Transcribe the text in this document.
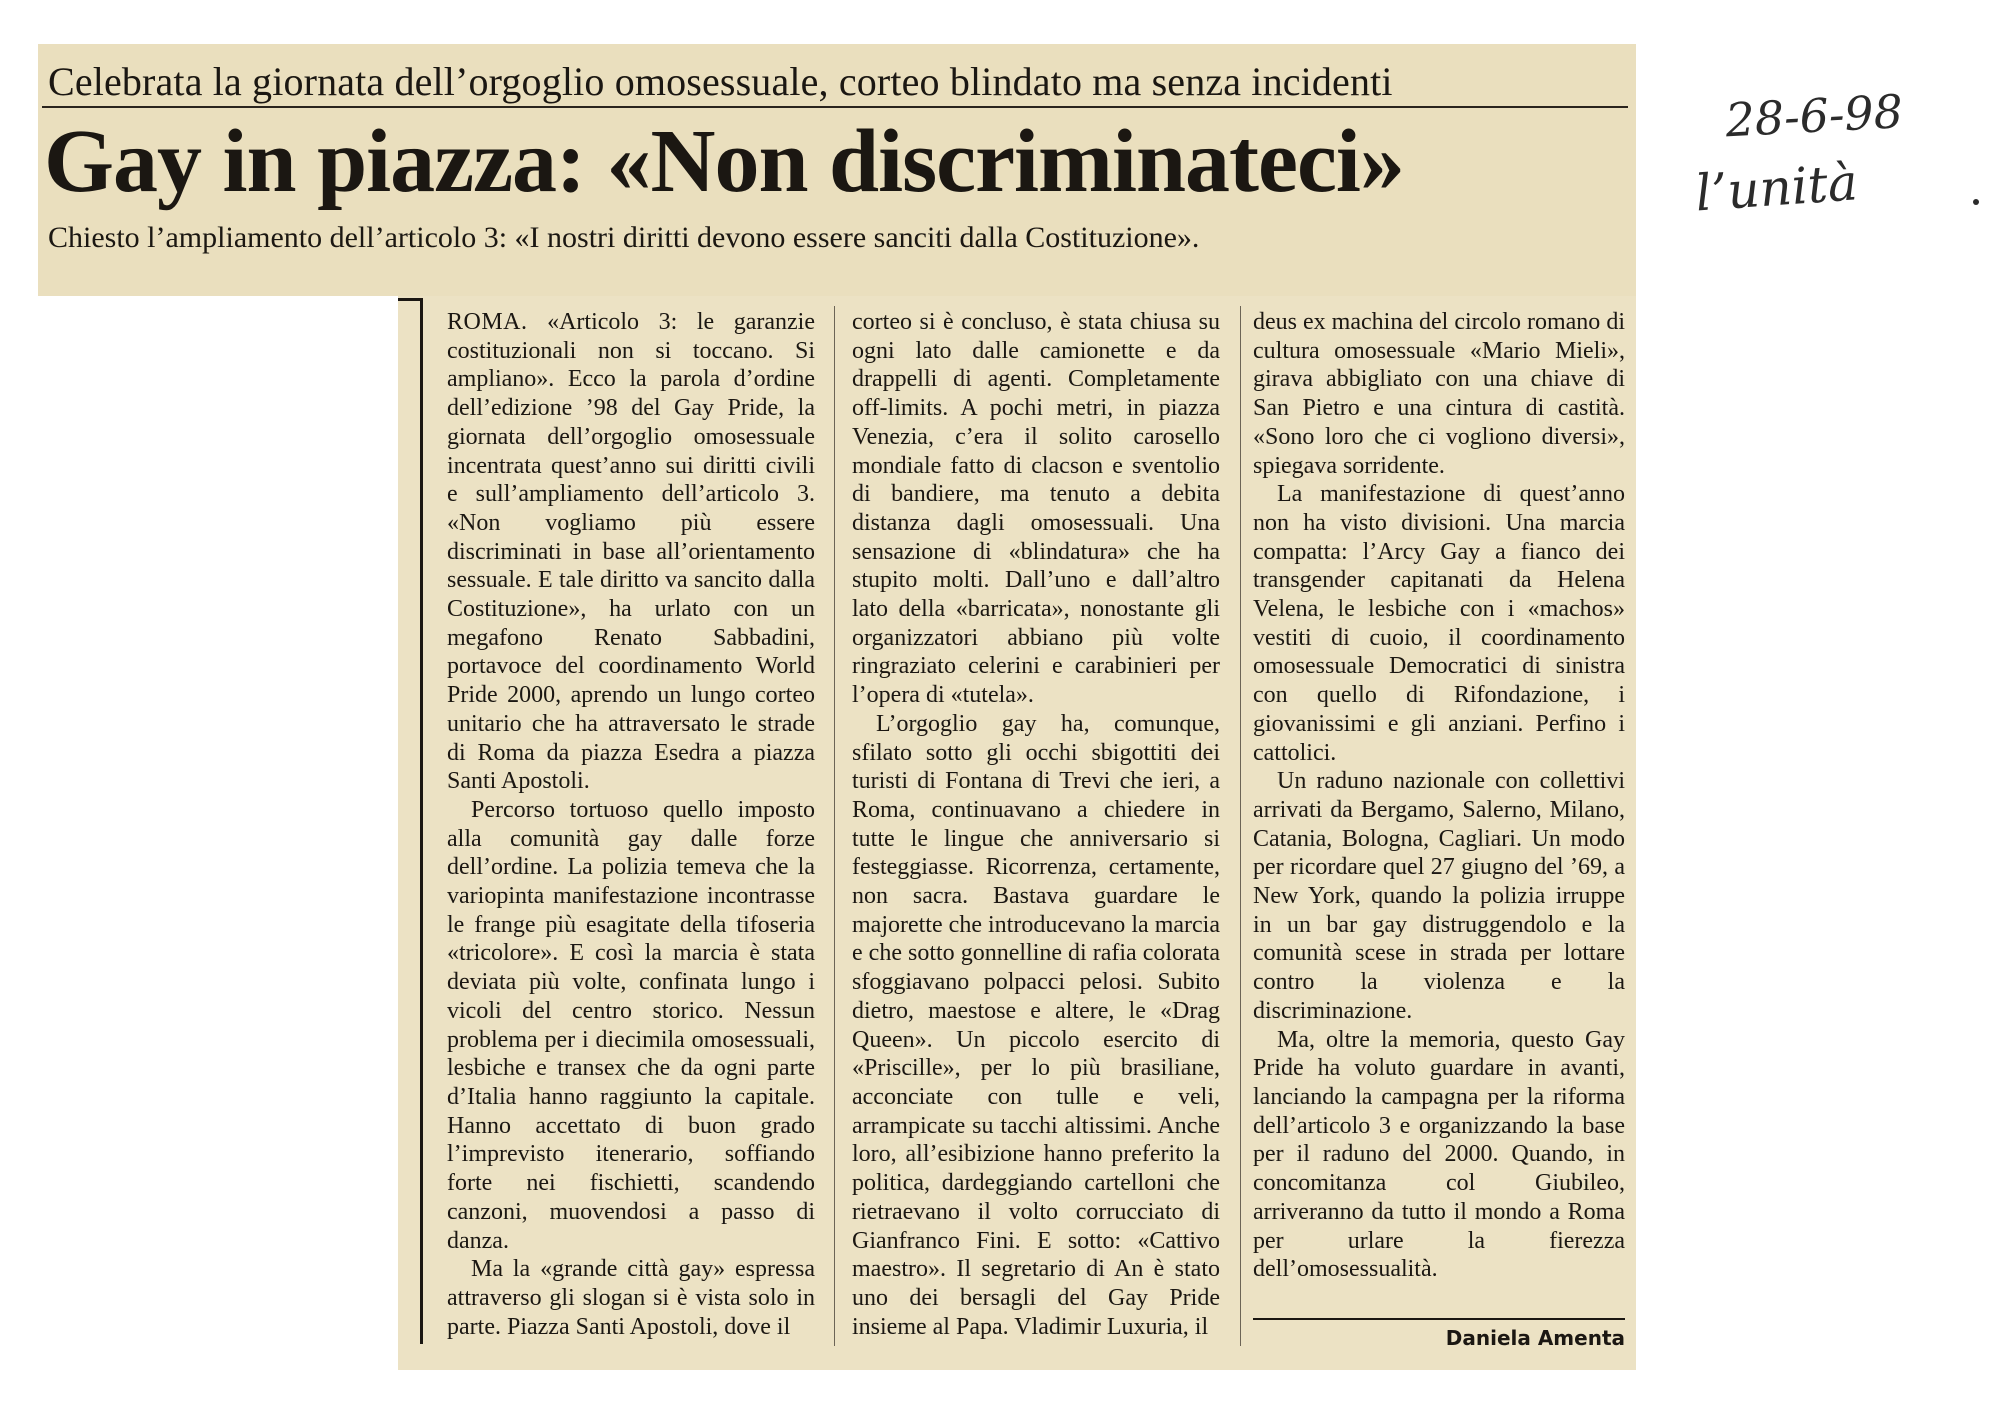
Celebrata la giornata dell’orgoglio omosessuale, corteo blindato ma senza incidenti
Gay in piazza: «Non discriminateci»
Chiesto l’ampliamento dell’articolo 3: «I nostri diritti devono essere sanciti dalla Costituzione».

ROMA. «Articolo 3: le garanzie costituzionali non si toccano. Si ampliano». Ecco la parola d’ordine dell’edizione ’98 del Gay Pride, la giornata dell’orgoglio omosessuale incentrata quest’anno sui diritti civili e sull’ampliamento dell’articolo 3. «Non vogliamo più essere discriminati in base all’orientamento sessuale. E tale diritto va sancito dalla Costituzione», ha urlato con un megafono Renato Sabbadini, portavoce del coordinamento World Pride 2000, aprendo un lungo corteo unitario che ha attraversato le strade di Roma da piazza Esedra a piazza Santi Apostoli.

Percorso tortuoso quello imposto alla comunità gay dalle forze dell’ordine. La polizia temeva che la variopinta manifestazione incontrasse le frange più esagitate della tifoseria «tricolore». E così la marcia è stata deviata più volte, confinata lungo i vicoli del centro storico. Nessun problema per i diecimila omosessuali, lesbiche e transex che da ogni parte d’Italia hanno raggiunto la capitale. Hanno accettato di buon grado l’imprevisto itenerario, soffiando forte nei fischietti, scandendo canzoni, muovendosi a passo di danza.

Ma la «grande città gay» espressa attraverso gli slogan si è vista solo in parte. Piazza Santi Apostoli, dove il

corteo si è concluso, è stata chiusa su ogni lato dalle camionette e da drappelli di agenti. Completamente off-limits. A pochi metri, in piazza Venezia, c’era il solito carosello mondiale fatto di clacson e sventolio di bandiere, ma tenuto a debita distanza dagli omosessuali. Una sensazione di «blindatura» che ha stupito molti. Dall’uno e dall’altro lato della «barricata», nonostante gli organizzatori abbiano più volte ringraziato celerini e carabinieri per l’opera di «tutela».

L’orgoglio gay ha, comunque, sfilato sotto gli occhi sbigottiti dei turisti di Fontana di Trevi che ieri, a Roma, continuavano a chiedere in tutte le lingue che anniversario si festeggiasse. Ricorrenza, certamente, non sacra. Bastava guardare le majorette che introducevano la marcia e che sotto gonnelline di rafia colorata sfoggiavano polpacci pelosi. Subito dietro, maestose e altere, le «Drag Queen». Un piccolo esercito di «Priscille», per lo più brasiliane, acconciate con tulle e veli, arrampicate su tacchi altissimi. Anche loro, all’esibizione hanno preferito la politica, dardeggiando cartelloni che rietraevano il volto corrucciato di Gianfranco Fini. E sotto: «Cattivo maestro». Il segretario di An è stato uno dei bersagli del Gay Pride insieme al Papa. Vladimir Luxuria, il

deus ex machina del circolo romano di cultura omosessuale «Mario Mieli», girava abbigliato con una chiave di San Pietro e una cintura di castità. «Sono loro che ci vogliono diversi», spiegava sorridente.

La manifestazione di quest’anno non ha visto divisioni. Una marcia compatta: l’Arcy Gay a fianco dei transgender capitanati da Helena Velena, le lesbiche con i «machos» vestiti di cuoio, il coordinamento omosessuale Democratici di sinistra con quello di Rifondazione, i giovanissimi e gli anziani. Perfino i cattolici.

Un raduno nazionale con collettivi arrivati da Bergamo, Salerno, Milano, Catania, Bologna, Cagliari. Un modo per ricordare quel 27 giugno del ’69, a New York, quando la polizia irruppe in un bar gay distruggendolo e la comunità scese in strada per lottare contro la violenza e la discriminazione.

Ma, oltre la memoria, questo Gay Pride ha voluto guardare in avanti, lanciando la campagna per la riforma dell’articolo 3 e organizzando la base per il raduno del 2000. Quando, in concomitanza col Giubileo, arriveranno da tutto il mondo a Roma per urlare la fierezza dell’omosessualità.

Daniela Amenta

28-6-98
l’unità
